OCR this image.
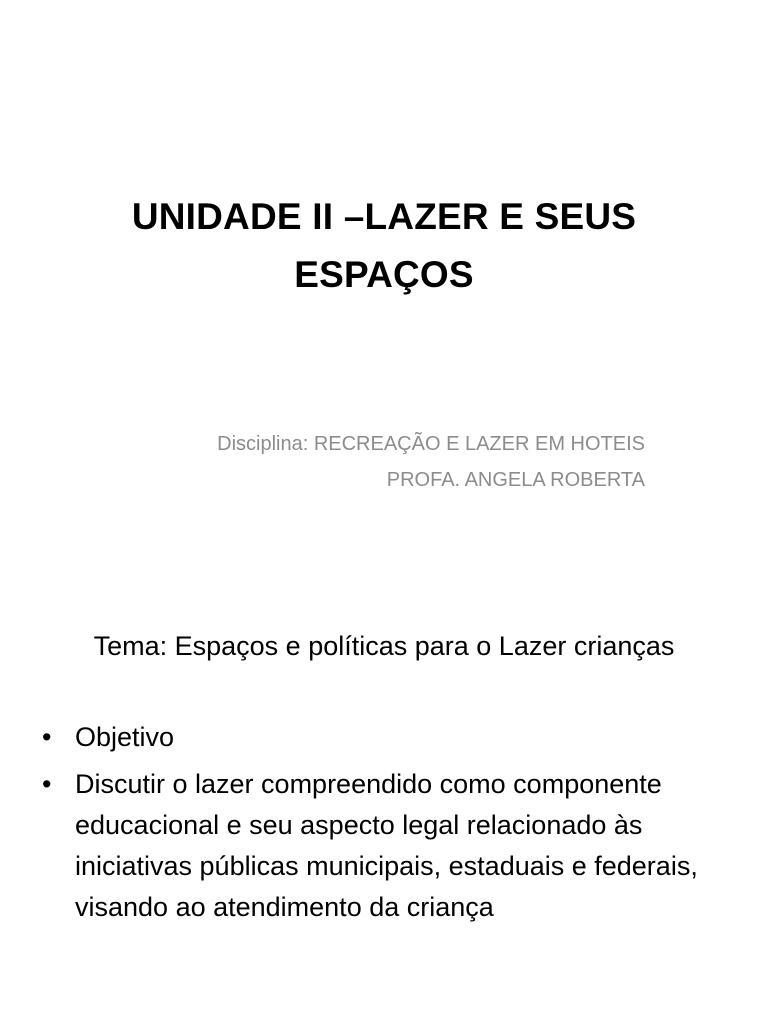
UNIDADE II –LAZER E SEUS
ESPAÇOS
Disciplina: RECREAÇÃO E LAZER EM HOTEIS
PROFA. ANGELA ROBERTA
Tema: Espaços e políticas para o Lazer crianças
• Objetivo
• Discutir o lazer compreendido como componente educacional e seu aspecto legal relacionado às iniciativas públicas municipais, estaduais e federais, visando ao atendimento da criança
